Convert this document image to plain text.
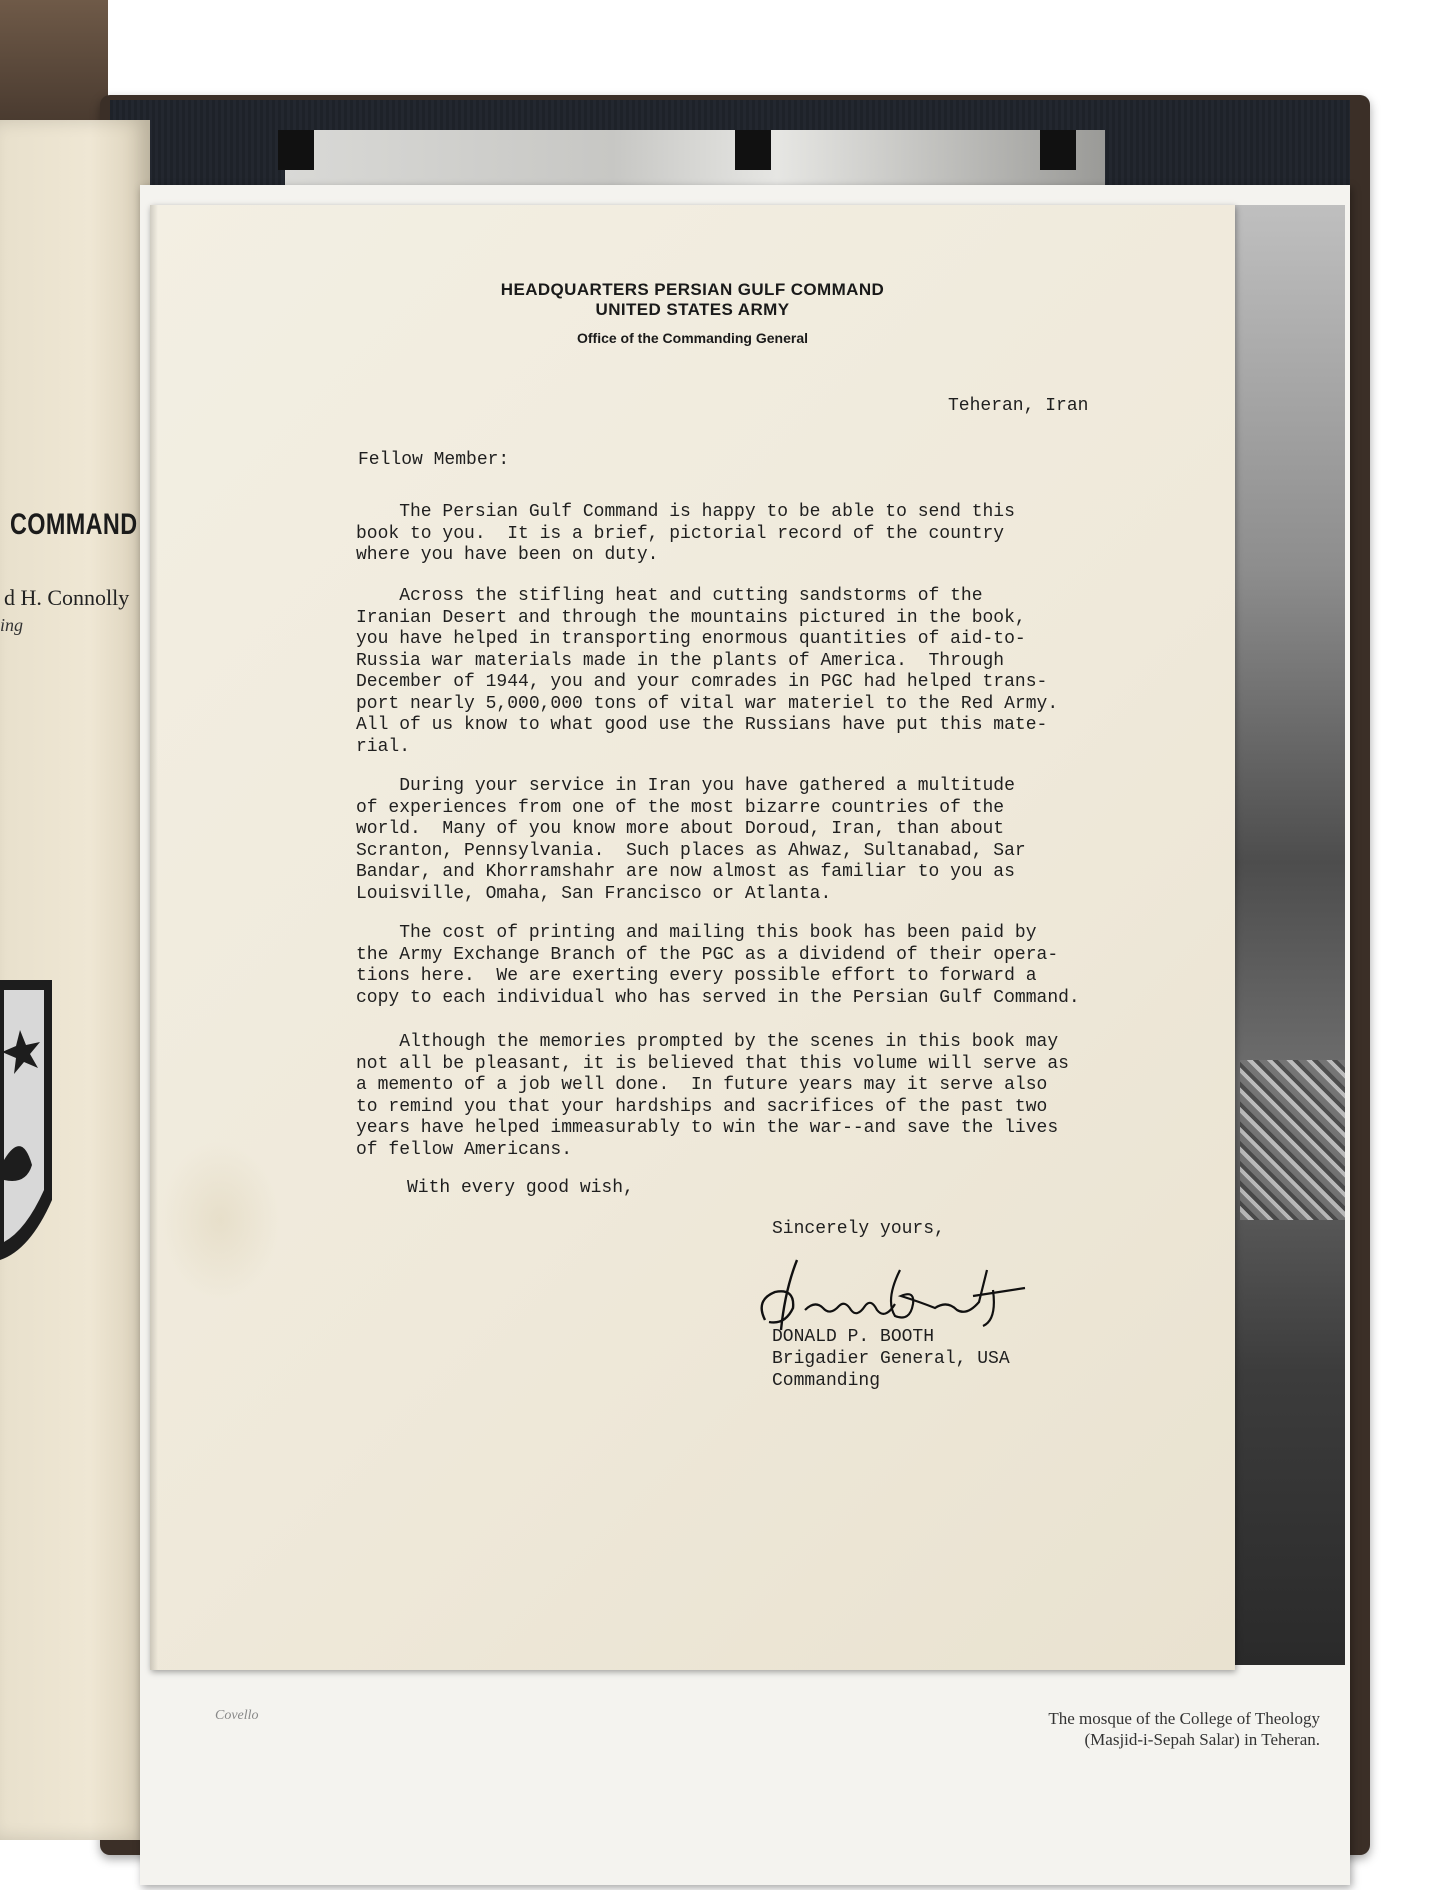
COMMAND
d H. Connolly
ing
Covello	The mosque of the College of Theology
(Masjid-i-Sepah Salar) in Teheran.
HEADQUARTERS PERSIAN GULF COMMAND
UNITED STATES ARMY
Office of the Commanding General
Teheran, Iran
Fellow Member:
The Persian Gulf Command is happy to be able to send this
book to you.  It is a brief, pictorial record of the country
where you have been on duty.
Across the stifling heat and cutting sandstorms of the
Iranian Desert and through the mountains pictured in the book,
you have helped in transporting enormous quantities of aid-to-
Russia war materials made in the plants of America.  Through
December of 1944, you and your comrades in PGC had helped trans-
port nearly 5,000,000 tons of vital war materiel to the Red Army.
All of us know to what good use the Russians have put this mate-
rial.
During your service in Iran you have gathered a multitude
of experiences from one of the most bizarre countries of the
world.  Many of you know more about Doroud, Iran, than about
Scranton, Pennsylvania.  Such places as Ahwaz, Sultanabad, Sar
Bandar, and Khorramshahr are now almost as familiar to you as
Louisville, Omaha, San Francisco or Atlanta.
The cost of printing and mailing this book has been paid by
the Army Exchange Branch of the PGC as a dividend of their opera-
tions here.  We are exerting every possible effort to forward a
copy to each individual who has served in the Persian Gulf Command.
Although the memories prompted by the scenes in this book may
not all be pleasant, it is believed that this volume will serve as
a memento of a job well done.  In future years may it serve also
to remind you that your hardships and sacrifices of the past two
years have helped immeasurably to win the war--and save the lives
of fellow Americans.
With every good wish,
Sincerely yours,
DONALD P. BOOTH
Brigadier General, USA
Commanding
